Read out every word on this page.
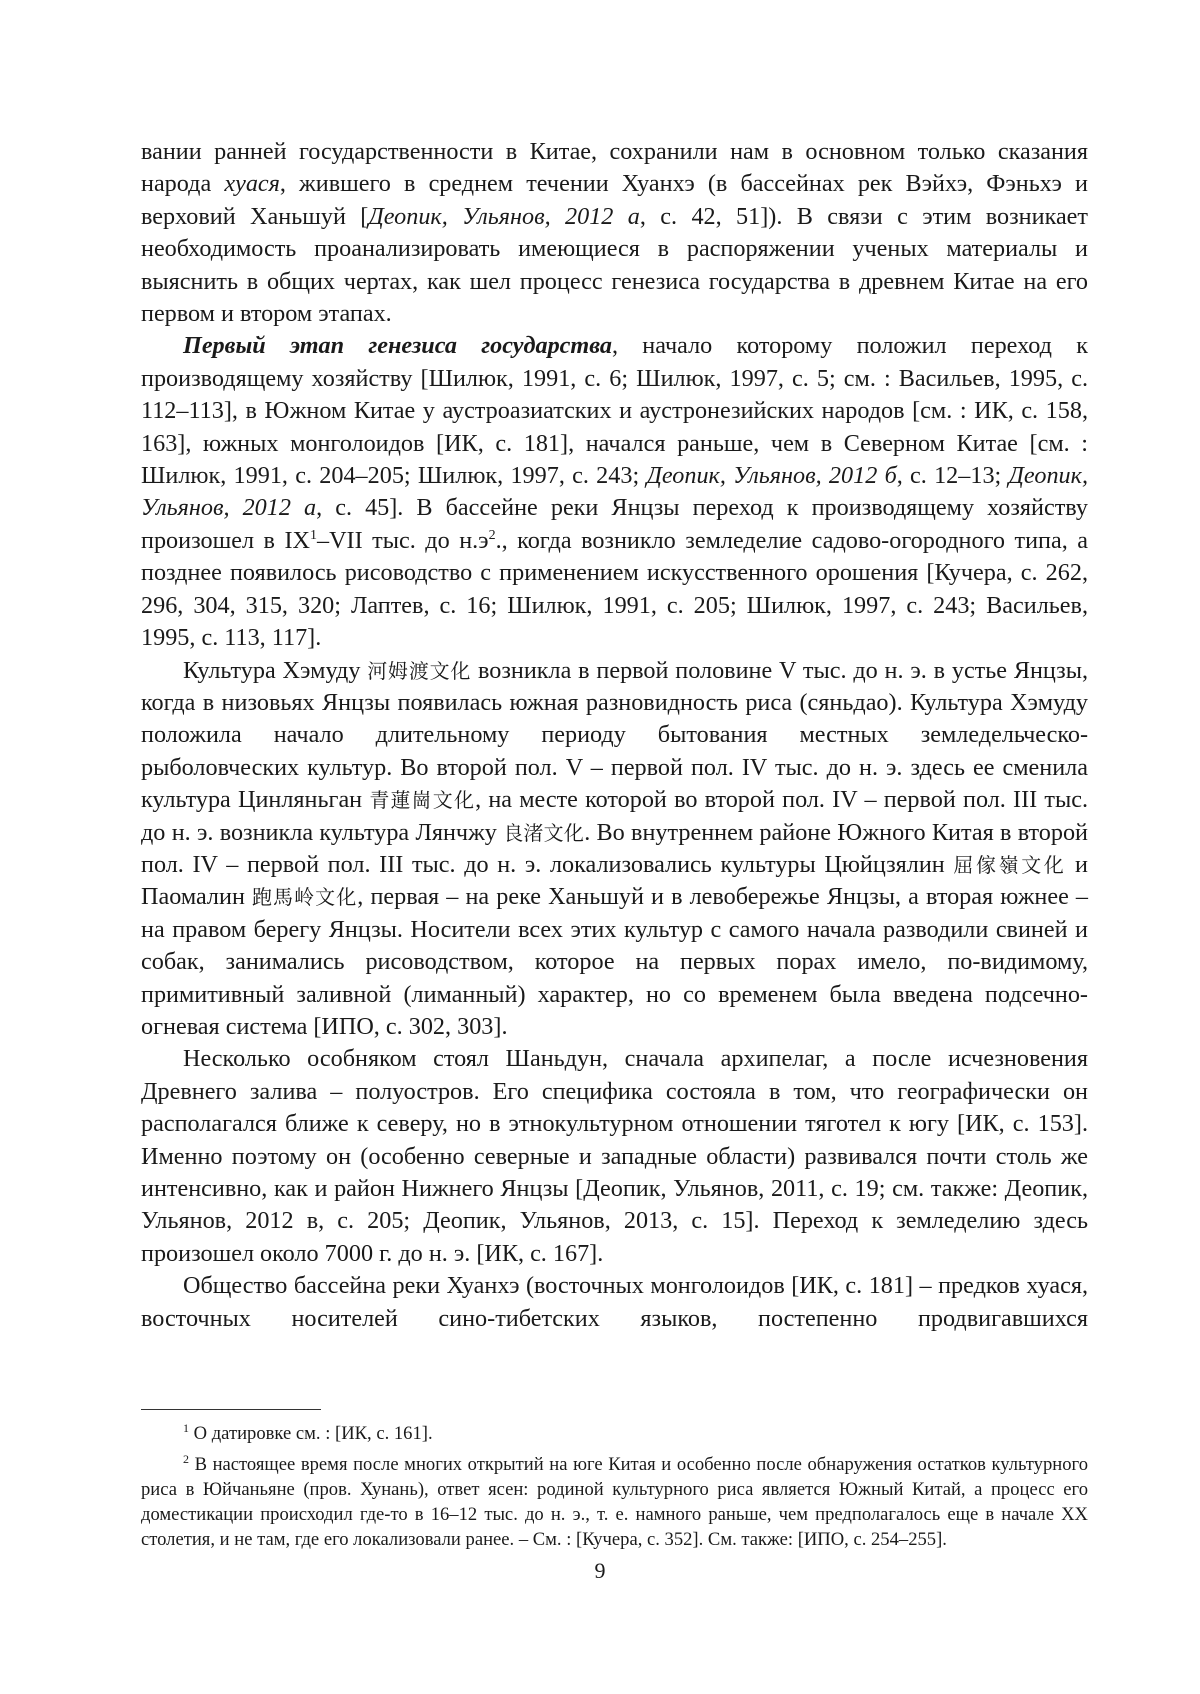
вании ранней государственности в Китае, сохранили нам в основном только сказания народа хуася, жившего в среднем течении Хуанхэ (в бассейнах рек Вэйхэ, Фэньхэ и верховий Ханьшуй [Деопик, Ульянов, 2012 а, с. 42, 51]). В связи с этим возникает необходимость проанализировать имеющиеся в распоряжении ученых материалы и выяснить в общих чертах, как шел процесс генезиса государства в древнем Китае на его первом и втором этапах.

Первый этап генезиса государства, начало которому положил переход к производящему хозяйству [Шилюк, 1991, с. 6; Шилюк, 1997, с. 5; см. : Васильев, 1995, с. 112–113], в Южном Китае у аустроазиатских и аустронезийских народов [см. : ИК, с. 158, 163], южных монголоидов [ИК, с. 181], начался раньше, чем в Северном Китае [см. : Шилюк, 1991, с. 204–205; Шилюк, 1997, с. 243; Деопик, Ульянов, 2012 б, с. 12–13; Деопик, Ульянов, 2012 а, с. 45]. В бассейне реки Янцзы переход к производящему хозяйству произошел в $IX^1$–VII тыс. до $н.э^2$., когда возникло земледелие садово-огородного типа, а позднее появилось рисоводство с применением искусственного орошения [Кучера, с. 262, 296, 304, 315, 320; Лаптев, с. 16; Шилюк, 1991, с. 205; Шилюк, 1997, с. 243; Васильев, 1995, с. 113, 117].

Культура Хэмуду 河姆渡文化 возникла в первой половине V тыс. до н. э. в устье Янцзы, когда в низовьях Янцзы появилась южная разновидность риса (сяньдао). Культура Хэмуду положила начало длительному периоду бытования местных земледельческо-рыболовческих культур. Во второй пол. V – первой пол. IV тыс. до н. э. здесь ее сменила культура Цинляньган 青蓮崗文化, на месте которой во второй пол. IV – первой пол. III тыс. до н. э. возникла культура Лянчжу 良渚文化. Во внутреннем районе Южного Китая в второй пол. IV – первой пол. III тыс. до н. э. локализовались культуры Цюйцзялин 屈傢嶺文化 и Паомалин 跑馬岭文化, первая – на реке Ханьшуй и в левобережье Янцзы, а вторая южнее – на правом берегу Янцзы. Носители всех этих культур с самого начала разводили свиней и собак, занимались рисоводством, которое на первых порах имело, по-видимому, примитивный заливной (лиманный) характер, но со временем была введена подсечно-огневая система [ИПО, с. 302, 303].

Несколько особняком стоял Шаньдун, сначала архипелаг, а после исчезновения Древнего залива – полуостров. Его специфика состояла в том, что географически он располагался ближе к северу, но в этнокультурном отношении тяготел к югу [ИК, с. 153]. Именно поэтому он (особенно северные и западные области) развивался почти столь же интенсивно, как и район Нижнего Янцзы [Деопик, Ульянов, 2011, с. 19; см. также: Деопик, Ульянов, 2012 в, с. 205; Деопик, Ульянов, 2013, с. 15]. Переход к земледелию здесь произошел около 7000 г. до н. э. [ИК, с. 167].

Общество бассейна реки Хуанхэ (восточных монголоидов [ИК, с. 181] – предков хуася, восточных носителей сино-тибетских языков, постепенно продвигавшихся

$^1$ О датировке см. : [ИК, с. 161].

$^2$ В настоящее время после многих открытий на юге Китая и особенно после обнаружения остатков культурного риса в Юйчаньяне (пров. Хунань), ответ ясен: родиной культурного риса является Южный Китай, а процесс его доместикации происходил где-то в 16–12 тыс. до н. э., т. е. намного раньше, чем предполагалось еще в начале XX столетия, и не там, где его локализовали ранее. – См. : [Кучера, с. 352]. См. также: [ИПО, с. 254–255].

9
